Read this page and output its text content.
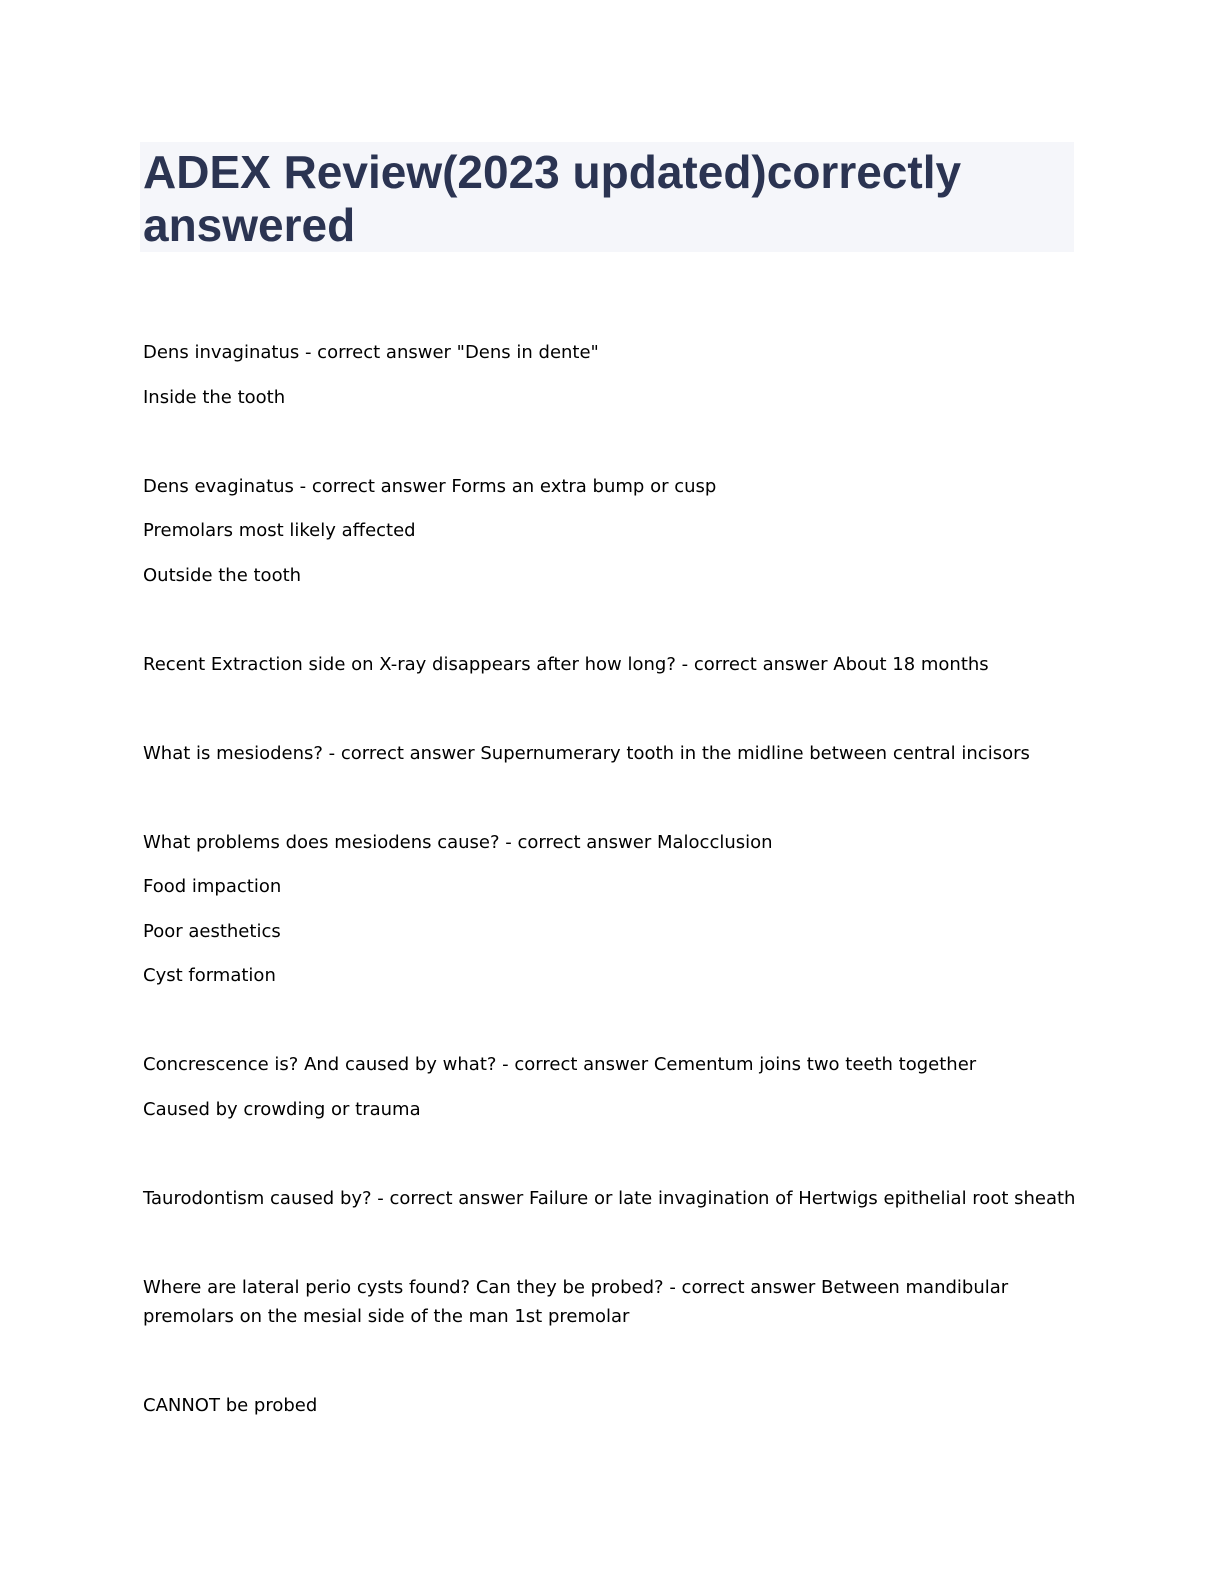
ADEX Review(2023 updated)correctly answered

Dens invaginatus - correct answer "Dens in dente"

Inside the tooth

Dens evaginatus - correct answer Forms an extra bump or cusp

Premolars most likely affected

Outside the tooth

Recent Extraction side on X-ray disappears after how long? - correct answer About 18 months

What is mesiodens? - correct answer Supernumerary tooth in the midline between central incisors

What problems does mesiodens cause? - correct answer Malocclusion

Food impaction

Poor aesthetics

Cyst formation

Concrescence is? And caused by what? - correct answer Cementum joins two teeth together

Caused by crowding or trauma

Taurodontism caused by? - correct answer Failure or late invagination of Hertwigs epithelial root sheath

Where are lateral perio cysts found? Can they be probed? - correct answer Between mandibular premolars on the mesial side of the man 1st premolar

CANNOT be probed
